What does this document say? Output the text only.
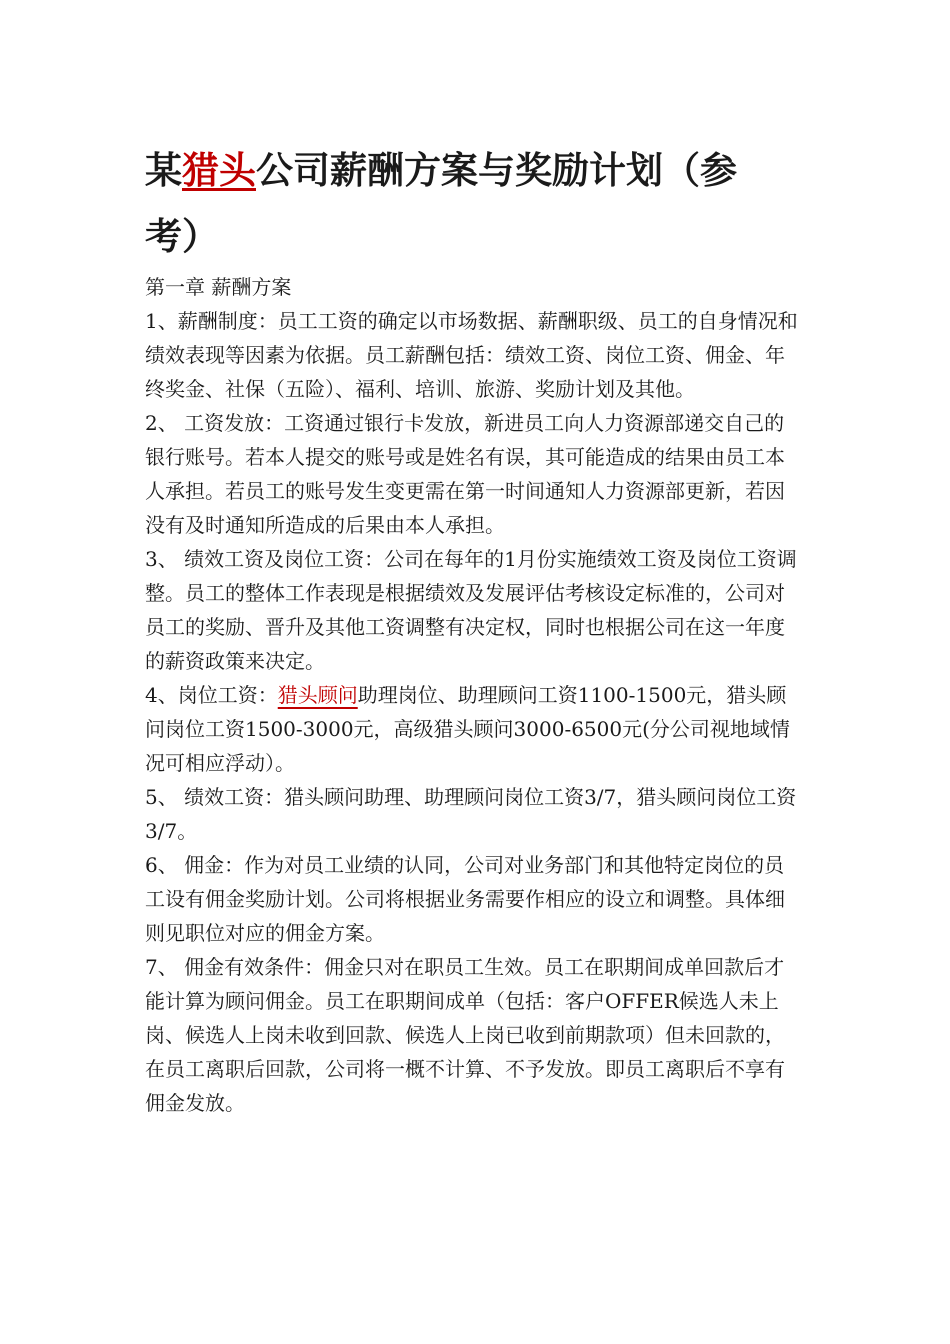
某猎头公司薪酬方案与奖励计划（参考）

第一章 薪酬方案

1、薪酬制度：员工工资的确定以市场数据、薪酬职级、员工的自身情况和绩效表现等因素为依据。员工薪酬包括：绩效工资、岗位工资、佣金、年终奖金、社保（五险）、福利、培训、旅游、奖励计划及其他。

2、 工资发放：工资通过银行卡发放，新进员工向人力资源部递交自己的银行账号。若本人提交的账号或是姓名有误，其可能造成的结果由员工本人承担。若员工的账号发生变更需在第一时间通知人力资源部更新，若因没有及时通知所造成的后果由本人承担。

3、 绩效工资及岗位工资：公司在每年的1月份实施绩效工资及岗位工资调整。员工的整体工作表现是根据绩效及发展评估考核设定标准的，公司对员工的奖励、晋升及其他工资调整有决定权，同时也根据公司在这一年度的薪资政策来决定。

4、岗位工资：猎头顾问助理岗位、助理顾问工资1100-1500元，猎头顾问岗位工资1500-3000元，高级猎头顾问3000-6500元(分公司视地域情况可相应浮动）。

5、 绩效工资：猎头顾问助理、助理顾问岗位工资3/7，猎头顾问岗位工资3/7。

6、 佣金：作为对员工业绩的认同，公司对业务部门和其他特定岗位的员工设有佣金奖励计划。公司将根据业务需要作相应的设立和调整。具体细则见职位对应的佣金方案。

7、 佣金有效条件：佣金只对在职员工生效。员工在职期间成单回款后才能计算为顾问佣金。员工在职期间成单（包括：客户OFFER候选人未上岗、候选人上岗未收到回款、候选人上岗已收到前期款项）但未回款的，在员工离职后回款，公司将一概不计算、不予发放。即员工离职后不享有佣金发放。
